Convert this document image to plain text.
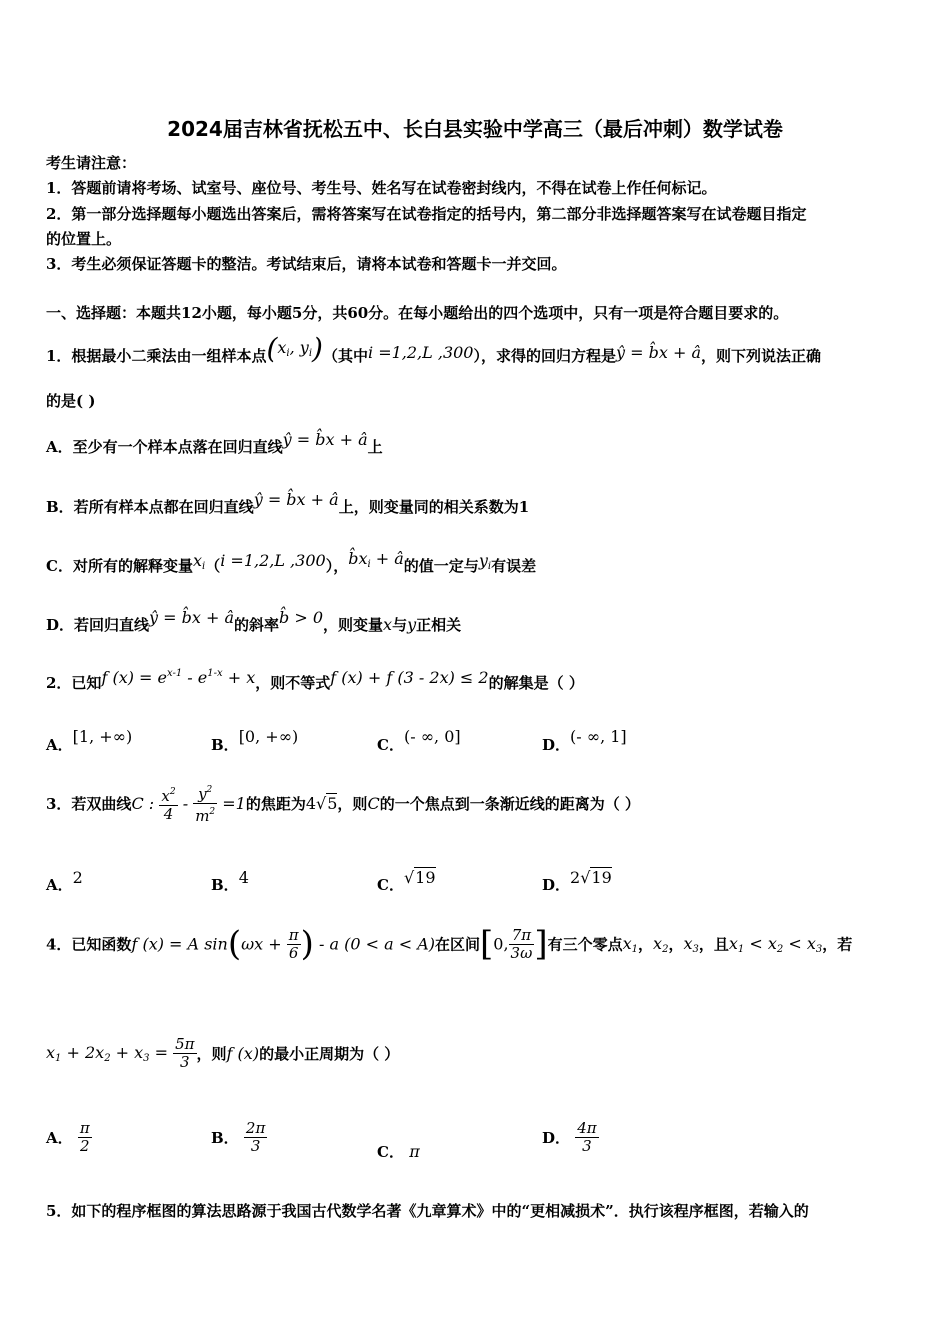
2024届吉林省抚松五中、长白县实验中学高三（最后冲刺）数学试卷
考生请注意：
1．答题前请将考场、试室号、座位号、考生号、姓名写在试卷密封线内，不得在试卷上作任何标记。
2．第一部分选择题每小题选出答案后，需将答案写在试卷指定的括号内，第二部分非选择题答案写在试卷题目指定
的位置上。
3．考生必须保证答题卡的整洁。考试结束后，请将本试卷和答题卡一并交回。
一、选择题：本题共12小题，每小题5分，共60分。在每小题给出的四个选项中，只有一项是符合题目要求的。
1．根据最小二乘法由一组样本点($x_i$, $y_i$)（其中i =1,2,L ,300），求得的回归方程是ŷ = b̂x + â，则下列说法正确
的是( )
A．至少有一个样本点落在回归直线ŷ = b̂x + â上
B．若所有样本点都在回归直线ŷ = b̂x + â上，则变量同的相关系数为1
C．对所有的解释变量$x_i(i =1,2,L$ ,300），$b̂x_i$ + â的值一定与$y_i$有误差
D．若回归直线ŷ = b̂x + â的斜率b̂ > 0，则变量x与y正相关
2．已知f $(x) = e^{x-1} - e^{1-x} + x$，则不等式f (x) + f (3 - 2x) ≤ 2的解集是（ ）
A．[1, +∞)	B．[0, +∞)	C．(- ∞, 0]	D．(- ∞, 1]
3．若双曲线C : $\frac{x^2}{4} - \frac{y^2}{m^2} =1$的焦距为4√5，则C的一个焦点到一条渐近线的距离为（ ）
A．2	B．4	C．√19	D．2√19
4．已知函数f (x) = A $\sin(\omega x + \frac{\pi}{6}$ ) - a (0 < a < A)在区间[0, $\frac{7\pi}{3\omega}$ ]有三个零点$x_1$，$x_2$，$x_3$，且$x_1 < x_2 < x_3$，若
$x_1 + 2x_2 + x_3 = \frac{5\pi}{3}$ ，则f (x)的最小正周期为（ ）
A． $\frac{\pi}{2}$	B． $\frac{2\pi}{3}$	C． π
D． $\frac{4\pi}{3}$
5．如下的程序框图的算法思路源于我国古代数学名著《九章算术》中的“更相减损术”．执行该程序框图，若输入的
